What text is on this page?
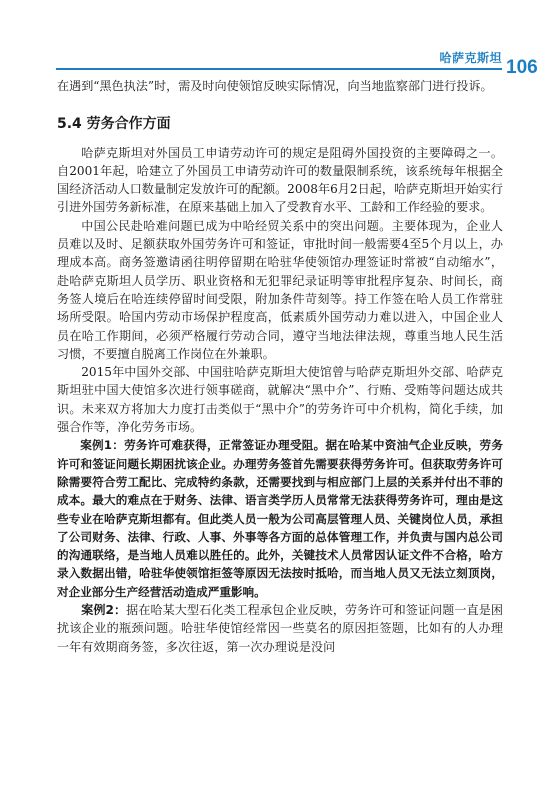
哈萨克斯坦 106

在遇到“黑色执法”时，需及时向使领馆反映实际情况，向当地监察部门进行投诉。

5.4 劳务合作方面

哈萨克斯坦对外国员工申请劳动许可的规定是阻碍外国投资的主要障碍之一。自2001年起，哈建立了外国员工申请劳动许可的数量限制系统，该系统每年根据全国经济活动人口数量制定发放许可的配额。2008年6月2日起，哈萨克斯坦开始实行引进外国劳务新标准，在原来基础上加入了受教育水平、工龄和工作经验的要求。

中国公民赴哈难问题已成为中哈经贸关系中的突出问题。主要体现为，企业人员难以及时、足额获取外国劳务许可和签证，审批时间一般需要4至5个月以上，办理成本高。商务签邀请函往明停留期在哈驻华使领馆办理签证时常被“自动缩水”，赴哈萨克斯坦人员学历、职业资格和无犯罪纪录证明等审批程序复杂、时间长，商务签人境后在哈连续停留时间受限，附加条件苛刻等。持工作签在哈人员工作常驻场所受限。哈国内劳动市场保护程度高，低素质外国劳动力难以进入，中国企业人员在哈工作期间，必须严格履行劳动合同，遵守当地法律法规，尊重当地人民生活习惯，不要擅自脱离工作岗位在外兼职。

2015年中国外交部、中国驻哈萨克斯坦大使馆曾与哈萨克斯坦外交部、哈萨克斯坦驻中国大使馆多次进行领事磋商，就解决“黑中介”、行贿、受贿等问题达成共识。未来双方将加大力度打击类似于“黑中介”的劳务许可中介机构，简化手续，加强合作等，净化劳务市场。

案例1：劳务许可难获得，正常签证办理受阻。据在哈某中资油气企业反映，劳务许可和签证问题长期困扰该企业。办理劳务签首先需要获得劳务许可。但获取劳务许可除需要符合劳工配比、完成特约条款，还需要找到与相应部门上层的关系并付出不菲的成本。最大的难点在于财务、法律、语言类学历人员常常无法获得劳务许可，理由是这些专业在哈萨克斯坦都有。但此类人员一般为公司高层管理人员、关键岗位人员，承担了公司财务、法律、行政、人事、外事等各方面的总体管理工作，并负责与国内总公司的沟通联络，是当地人员难以胜任的。此外，关键技术人员常因认证文件不合格，哈方录入数据出错，哈驻华使领馆拒签等原因无法按时抵哈，而当地人员又无法立刻顶岗，对企业部分生产经营活动造成严重影响。

案例2：据在哈某大型石化类工程承包企业反映，劳务许可和签证问题一直是困扰该企业的瓶颈问题。哈驻华使馆经常因一些莫名的原因拒签题，比如有的人办理一年有效期商务签，多次往返，第一次办理说是没问
